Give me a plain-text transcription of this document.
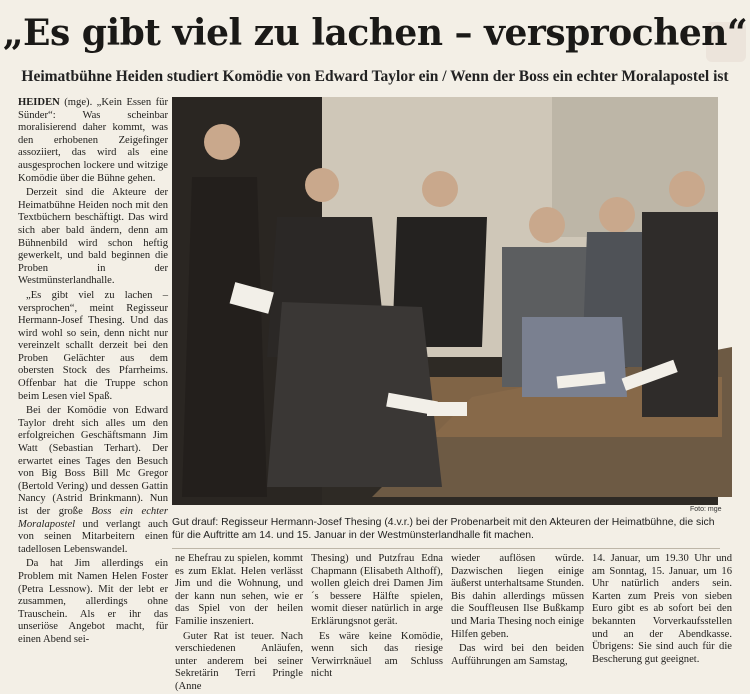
„Es gibt viel zu lachen – versprochen“
Heimatbühne Heiden studiert Komödie von Edward Taylor ein / Wenn der Boss ein echter Moralapostel ist

HEIDEN (mge). „Kein Essen für Sünder“: Was scheinbar moralisierend daher kommt, was den erhobenen Zeigefinger assoziiert, das wird als eine ausgesprochen lockere und witzige Komödie über die Bühne gehen.

Derzeit sind die Akteure der Heimatbühne Heiden noch mit den Textbüchern beschäftigt. Das wird sich aber bald ändern, denn am Bühnenbild wird schon heftig gewerkelt, und bald beginnen die Proben in der Westmünsterlandhalle.

„Es gibt viel zu lachen – versprochen“, meint Regisseur Hermann-Josef Thesing. Und das wird wohl so sein, denn nicht nur vereinzelt schallt derzeit bei den Proben Gelächter aus dem obersten Stock des Pfarrheims. Offenbar hat die Truppe schon beim Lesen viel Spaß.

Bei der Komödie von Edward Taylor dreht sich alles um den erfolgreichen Geschäftsmann Jim Watt (Sebastian Terhart). Der erwartet eines Tages den Besuch von Big Boss Bill Mc Gregor (Bertold Vering) und dessen Gattin Nancy (Astrid Brinkmann). Nun ist der große Boss ein echter Moralapostel und verlangt auch von seinen Mitarbeitern einen tadellosen Lebenswandel.

Da hat Jim allerdings ein Problem mit Namen Helen Foster (Petra Lessnow). Mit der lebt er zusammen, allerdings ohne Trauschein. Als er ihr das unseriöse Angebot macht, für einen Abend sei-

Foto: mge
Gut drauf: Regisseur Hermann-Josef Thesing (4.v.r.) bei der Probenarbeit mit den Akteuren der Heimatbühne, die sich für die Auftritte am 14. und 15. Januar in der Westmünsterlandhalle fit machen.

ne Ehefrau zu spielen, kommt es zum Eklat. Helen verlässt Jim und die Wohnung, und der kann nun sehen, wie er das Spiel von der heilen Familie inszeniert.

Guter Rat ist teuer. Nach verschiedenen Anläufen, unter anderem bei seiner Sekretärin Terri Pringle (Anne

Thesing) und Putzfrau Edna Chapmann (Elisabeth Althoff), wollen gleich drei Damen Jim´s bessere Hälfte spielen, womit dieser natürlich in arge Erklärungsnot gerät.

Es wäre keine Komödie, wenn sich das riesige Verwirrknäuel am Schluss nicht

wieder auflösen würde. Dazwischen liegen einige äußerst unterhaltsame Stunden. Bis dahin allerdings müssen die Souffleusen Ilse Bußkamp und Maria Thesing noch einige Hilfen geben.

Das wird bei den beiden Aufführungen am Samstag,

14. Januar, um 19.30 Uhr und am Sonntag, 15. Januar, um 16 Uhr natürlich anders sein. Karten zum Preis von sieben Euro gibt es ab sofort bei den bekannten Vorverkaufsstellen und an der Abendkasse. Übrigens: Sie sind auch für die Bescherung gut geeignet.
